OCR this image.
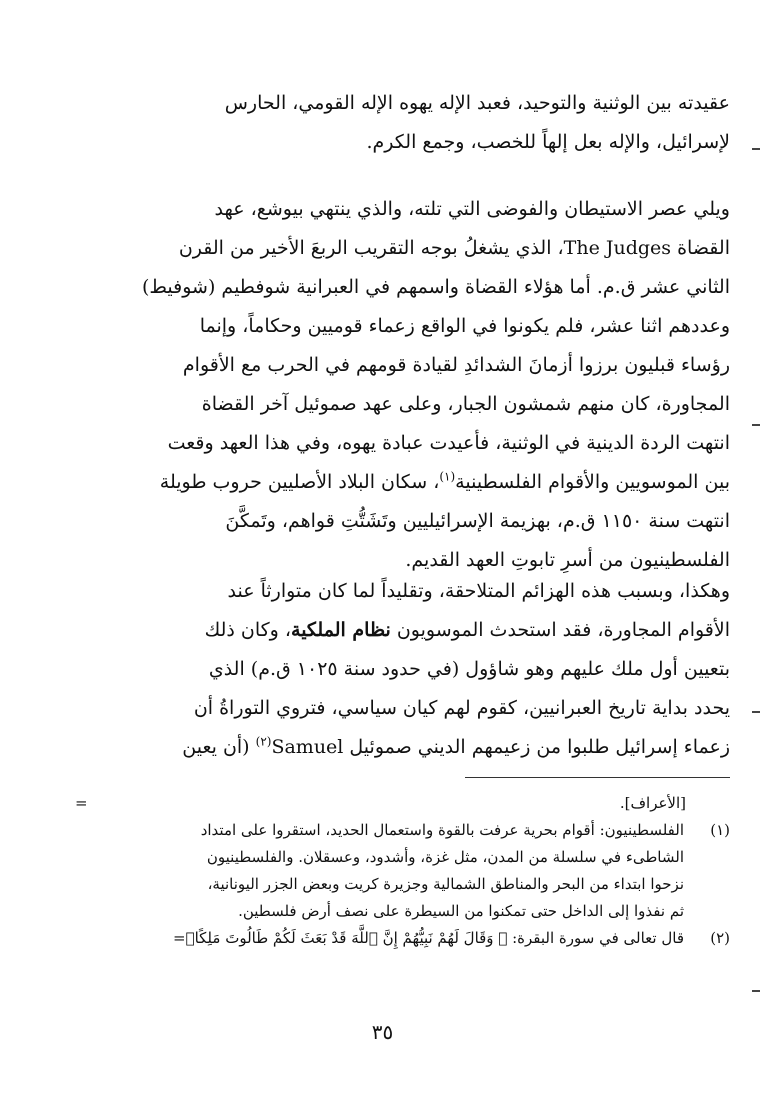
عقيدته بين الوثنية والتوحيد، فعبد الإله يهوه الإله القومي، الحارس
لإسرائيل، والإله بعل إلهاً للخصب، وجمع الكرم.
ويلي عصر الاستيطان والفوضى التي تلته، والذي ينتهي بيوشع، عهد
القضاة The Judges، الذي يشغلُ بوجه التقريب الربعَ الأخير من القرن
الثاني عشر ق.م. أما هؤلاء القضاة واسمهم في العبرانية شوفطيم (شوفيط)
وعددهم اثنا عشر، فلم يكونوا في الواقع زعماء قوميين وحكاماً، وإنما
رؤساء قبليون برزوا أزمانَ الشدائدِ لقيادة قومهم في الحرب مع الأقوام
المجاورة، كان منهم شمشون الجبار، وعلى عهد صموئيل آخر القضاة
انتهت الردة الدينية في الوثنية، فأعيدت عبادة يهوه، وفي هذا العهد وقعت
بين الموسويين والأقوام الفلسطينية$^{(١)}$، سكان البلاد الأصليين حروب طويلة
انتهت سنة ١١٥٠ ق.م، بهزيمة الإسرائيليين وتَشَتُّتِ قواهم، وتَمكَّنَ
الفلسطينيون من أسرِ تابوتِ العهد القديم.
وهكذا، وبسبب هذه الهزائم المتلاحقة، وتقليداً لما كان متوارثاً عند
الأقوام المجاورة، فقد استحدث الموسويون نظام الملكية، وكان ذلك
بتعيين أول ملك عليهم وهو شاؤول (في حدود سنة ١٠٢٥ ق.م) الذي
يحدد بداية تاريخ العبرانيين، كقوم لهم كيان سياسي، فتروي التوراةُ أن
زعماء إسرائيل طلبوا من زعيمهم الديني صموئيل Samuel$^{(٢)}$ (أن يعين
=	[الأعراف].
(١)
الفلسطينيون: أقوام بحرية عرفت بالقوة واستعمال الحديد، استقروا على امتداد
الشاطىء في سلسلة من المدن، مثل غزة، وأشدود، وعسقلان. والفلسطينيون
نزحوا ابتداء من البحر والمناطق الشمالية وجزيرة كريت وبعض الجزر اليونانية،
ثم نفذوا إلى الداخل حتى تمكنوا من السيطرة على نصف أرض فلسطين.
(٢)
قال تعالى في سورة البقرة: ﴿ وَقَالَ لَهُمْ نَبِيُّهُمْ إِنَّ ٱللَّهَ قَدْ بَعَثَ لَكُمْ طَالُوتَ مَلِكًاۚ=
٣٥
